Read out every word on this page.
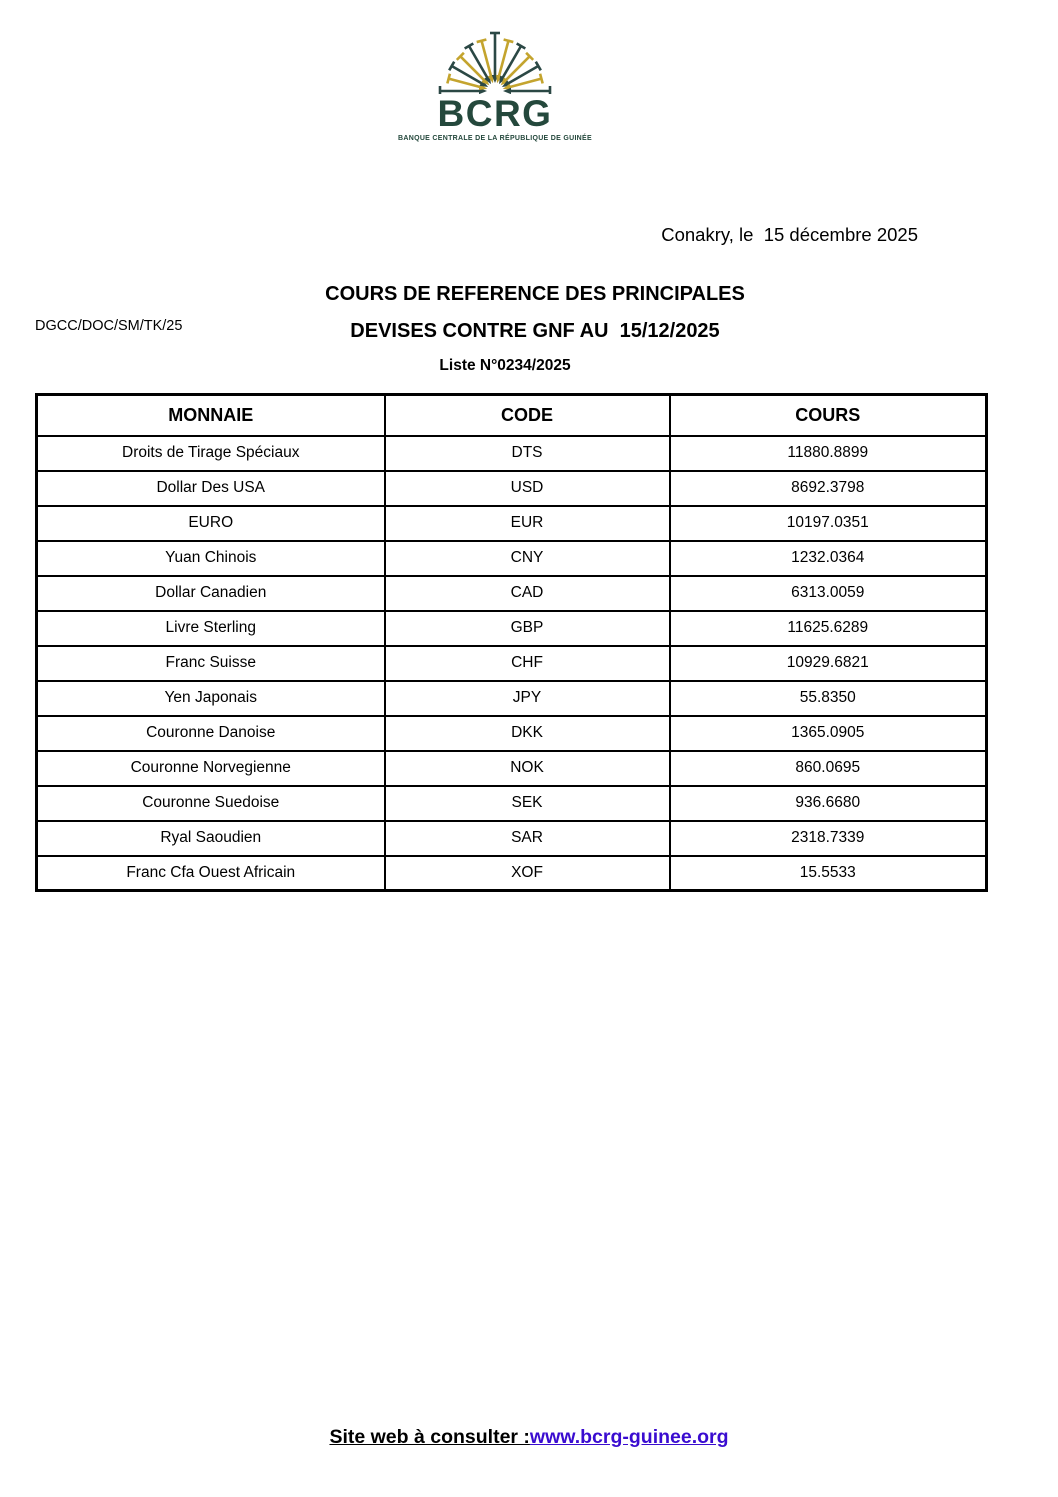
BCRG
BANQUE CENTRALE DE LA RÉPUBLIQUE DE GUINÉE
Conakry, le  15 décembre 2025
DGCC/DOC/SM/TK/25
COURS DE REFERENCE DES PRINCIPALES
DEVISES CONTRE GNF AU  15/12/2025
Liste N°0234/2025
MONNAIE	CODE	COURS
Droits de Tirage Spéciaux	DTS	11880.8899
Dollar Des USA	USD	8692.3798
EURO	EUR	10197.0351
Yuan Chinois	CNY	1232.0364
Dollar Canadien	CAD	6313.0059
Livre Sterling	GBP	11625.6289
Franc Suisse	CHF	10929.6821
Yen Japonais	JPY	55.8350
Couronne Danoise	DKK	1365.0905
Couronne Norvegienne	NOK	860.0695
Couronne Suedoise	SEK	936.6680
Ryal Saoudien	SAR	2318.7339
Franc Cfa Ouest Africain	XOF	15.5533
Site web à consulter :www.bcrg-guinee.org
